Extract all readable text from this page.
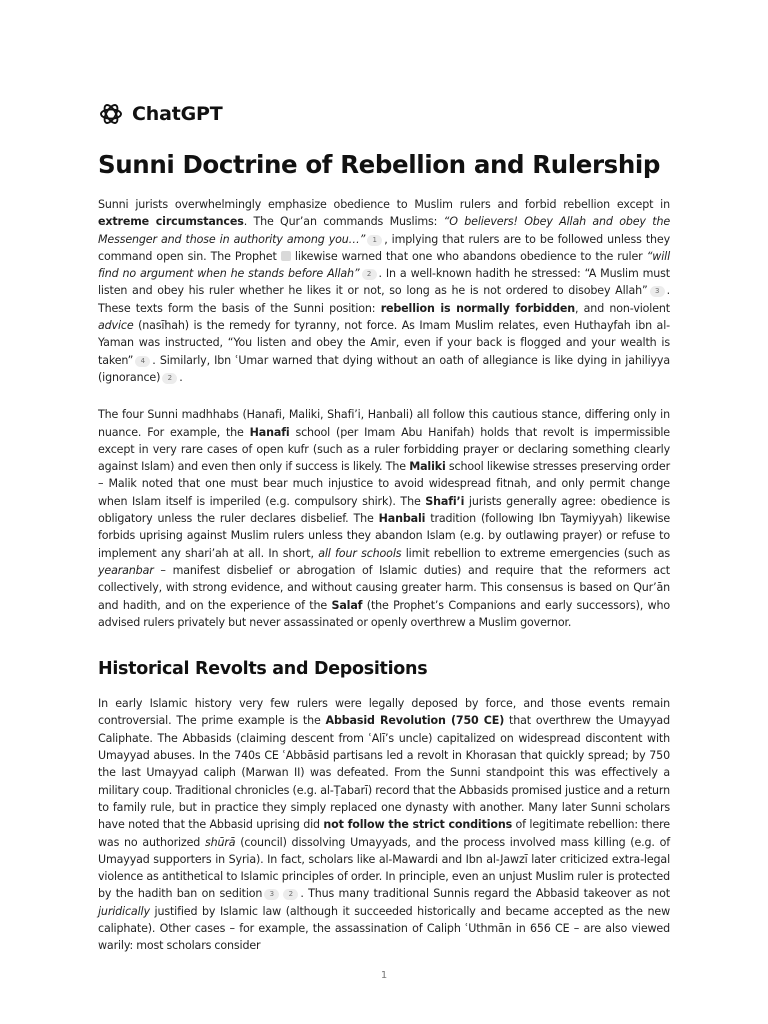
ChatGPT
Sunni Doctrine of Rebellion and Rulership

Sunni jurists overwhelmingly emphasize obedience to Muslim rulers and forbid rebellion except in extreme circumstances. The Qur’an commands Muslims: “O believers! Obey Allah and obey the Messenger and those in authority among you…” 1 , implying that rulers are to be followed unless they command open sin. The Prophet  likewise warned that one who abandons obedience to the ruler “will find no argument when he stands before Allah” 2 . In a well-known hadith he stressed: “A Muslim must listen and obey his ruler whether he likes it or not, so long as he is not ordered to disobey Allah” 3 . These texts form the basis of the Sunni position: rebellion is normally forbidden, and non-violent advice (nasīhah) is the remedy for tyranny, not force. As Imam Muslim relates, even Huthayfah ibn al-Yaman was instructed, “You listen and obey the Amir, even if your back is flogged and your wealth is taken” 4 . Similarly, Ibn ʿUmar warned that dying without an oath of allegiance is like dying in jahiliyya (ignorance) 2 .

The four Sunni madhhabs (Hanafi, Maliki, Shafi’i, Hanbali) all follow this cautious stance, differing only in nuance. For example, the Hanafi school (per Imam Abu Hanifah) holds that revolt is impermissible except in very rare cases of open kufr (such as a ruler forbidding prayer or declaring something clearly against Islam) and even then only if success is likely. The Maliki school likewise stresses preserving order – Malik noted that one must bear much injustice to avoid widespread fitnah, and only permit change when Islam itself is imperiled (e.g. compulsory shirk). The Shafi’i jurists generally agree: obedience is obligatory unless the ruler declares disbelief. The Hanbali tradition (following Ibn Taymiyyah) likewise forbids uprising against Muslim rulers unless they abandon Islam (e.g. by outlawing prayer) or refuse to implement any shari’ah at all. In short, all four schools limit rebellion to extreme emergencies (such as yearanbar – manifest disbelief or abrogation of Islamic duties) and require that the reformers act collectively, with strong evidence, and without causing greater harm. This consensus is based on Qur’ān and hadith, and on the experience of the Salaf (the Prophet’s Companions and early successors), who advised rulers privately but never assassinated or openly overthrew a Muslim governor.

Historical Revolts and Depositions

In early Islamic history very few rulers were legally deposed by force, and those events remain controversial. The prime example is the Abbasid Revolution (750 CE) that overthrew the Umayyad Caliphate. The Abbasids (claiming descent from ʿAlī’s uncle) capitalized on widespread discontent with Umayyad abuses. In the 740s CE ʿAbbāsid partisans led a revolt in Khorasan that quickly spread; by 750 the last Umayyad caliph (Marwan II) was defeated. From the Sunni standpoint this was effectively a military coup. Traditional chronicles (e.g. al-Ṭabarī) record that the Abbasids promised justice and a return to family rule, but in practice they simply replaced one dynasty with another. Many later Sunni scholars have noted that the Abbasid uprising did not follow the strict conditions of legitimate rebellion: there was no authorized shūrā (council) dissolving Umayyads, and the process involved mass killing (e.g. of Umayyad supporters in Syria). In fact, scholars like al-Mawardi and Ibn al-Jawzī later criticized extra-legal violence as antithetical to Islamic principles of order. In principle, even an unjust Muslim ruler is protected by the hadith ban on sedition 3 2 . Thus many traditional Sunnis regard the Abbasid takeover as not juridically justified by Islamic law (although it succeeded historically and became accepted as the new caliphate). Other cases – for example, the assassination of Caliph ʿUthmān in 656 CE – are also viewed warily: most scholars consider

1
